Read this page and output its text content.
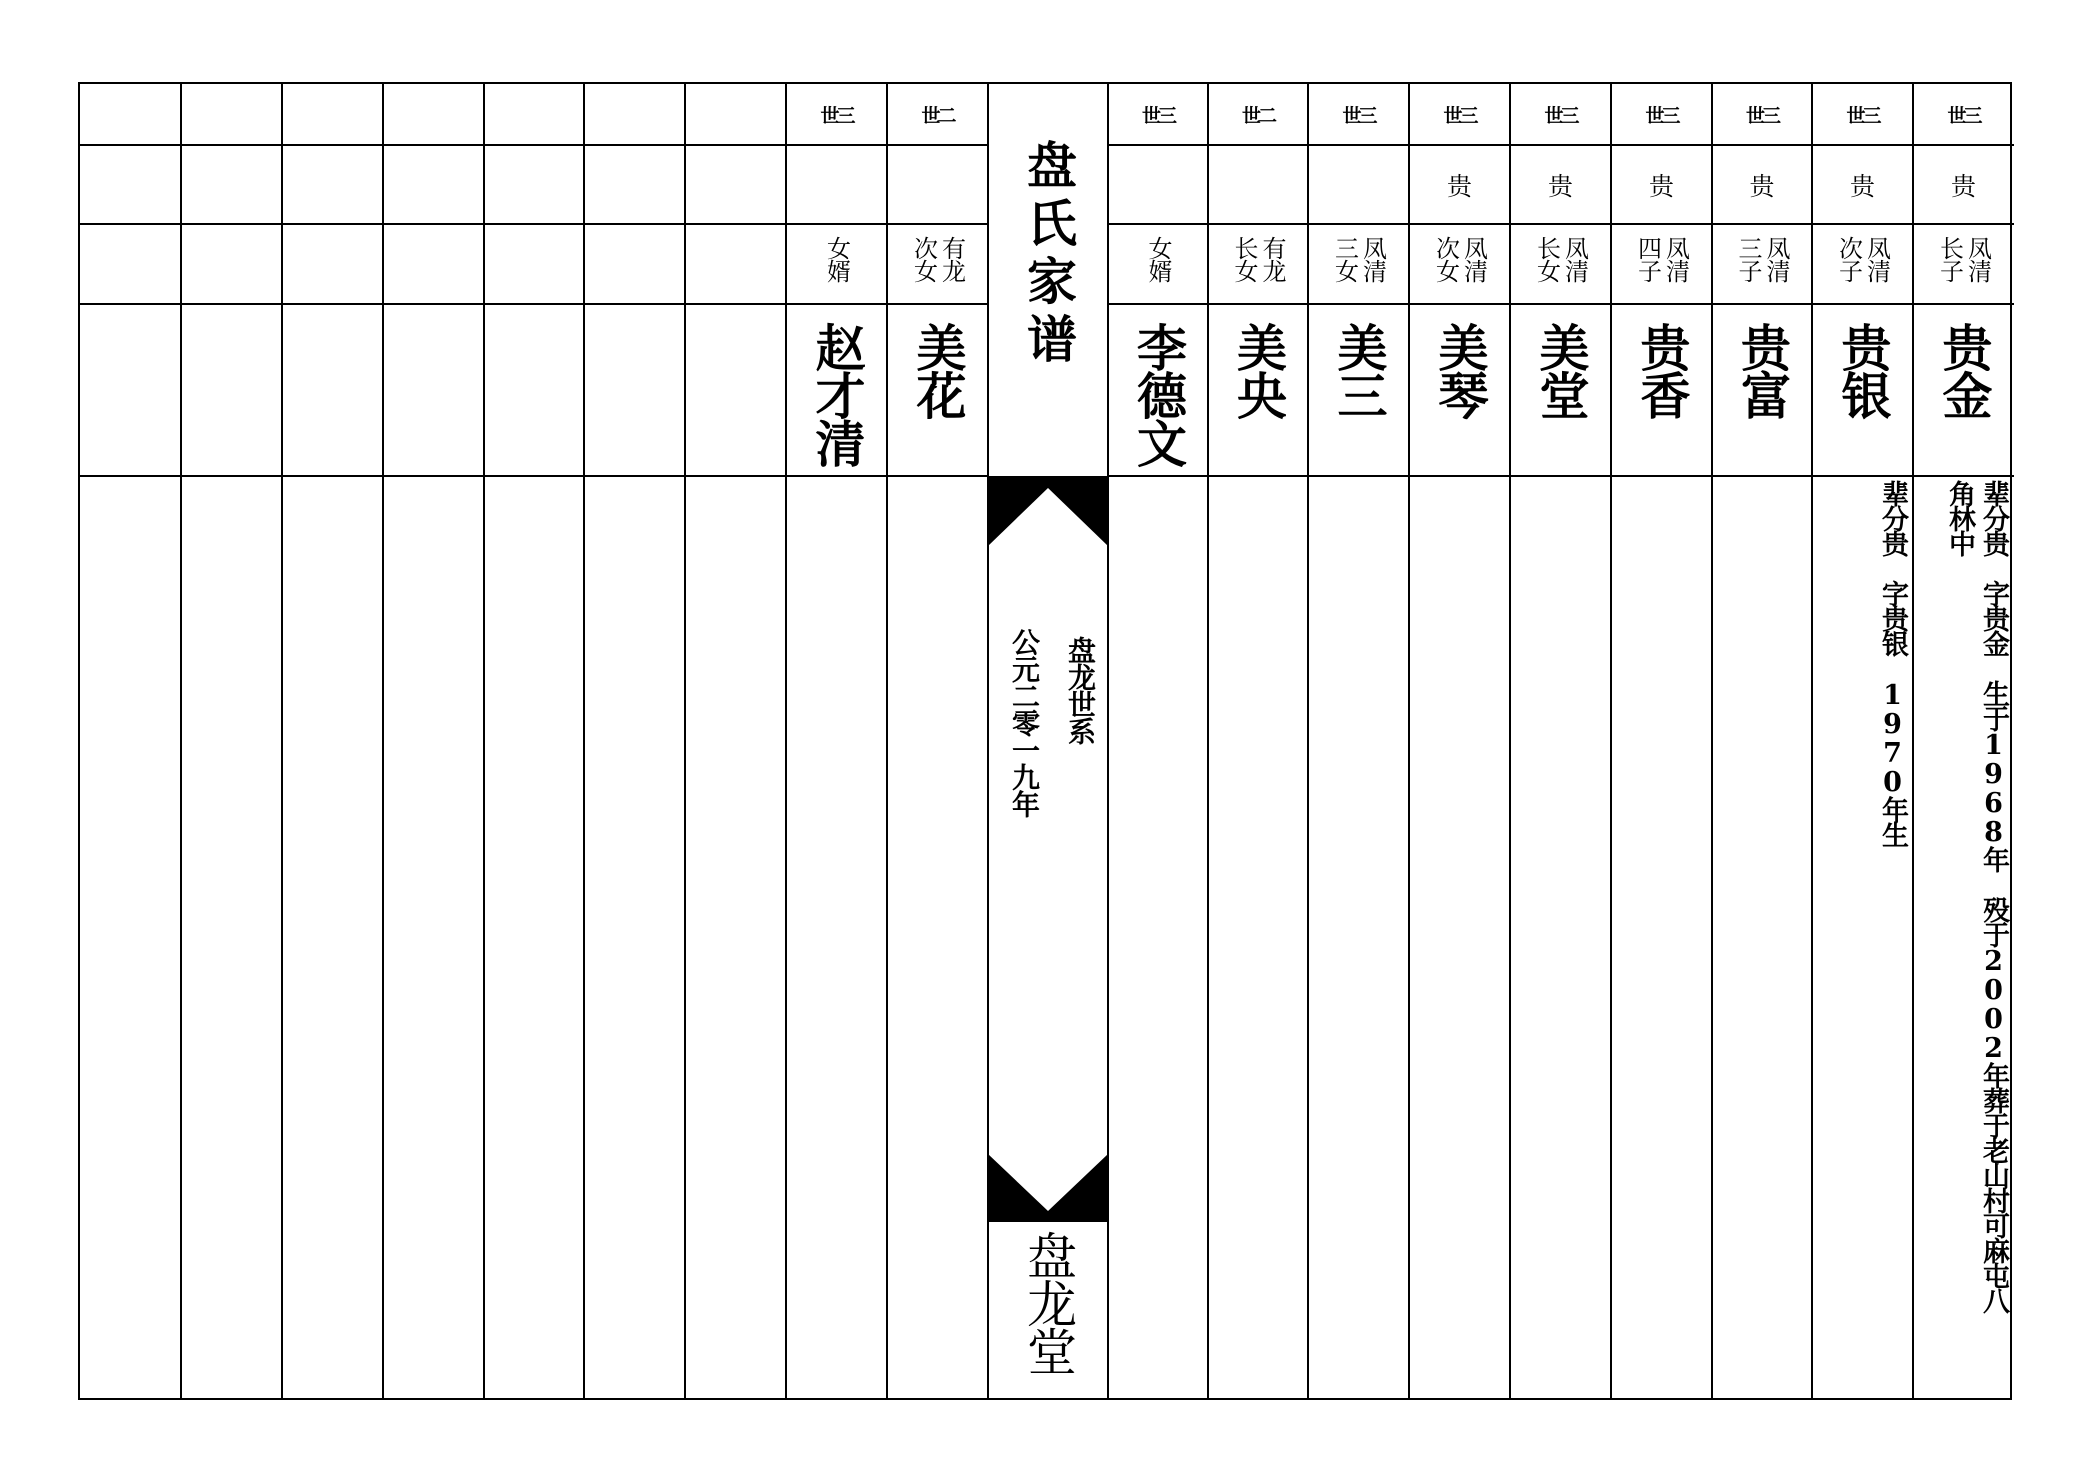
世三
贵
凤清长子
贵金
辈分贵　字贵金　生于1968年　殁于2002年葬于老山村可麻屯八
角林中
世三
贵
凤清次子
贵银
辈分贵　字贵银　1970年生
世三
贵
凤清三子
贵富
世三
贵
凤清四子
贵香
世三
贵
凤清长女
美堂
世三
贵
凤清次女
美琴
世三
凤清三女
美三
世二
有龙长女
美央
世三
女婿
李德文
世二
有龙次女
美花
世三
女婿
赵才清
盘氏家谱
盘龙世系
公元二零一九年
盘龙堂
